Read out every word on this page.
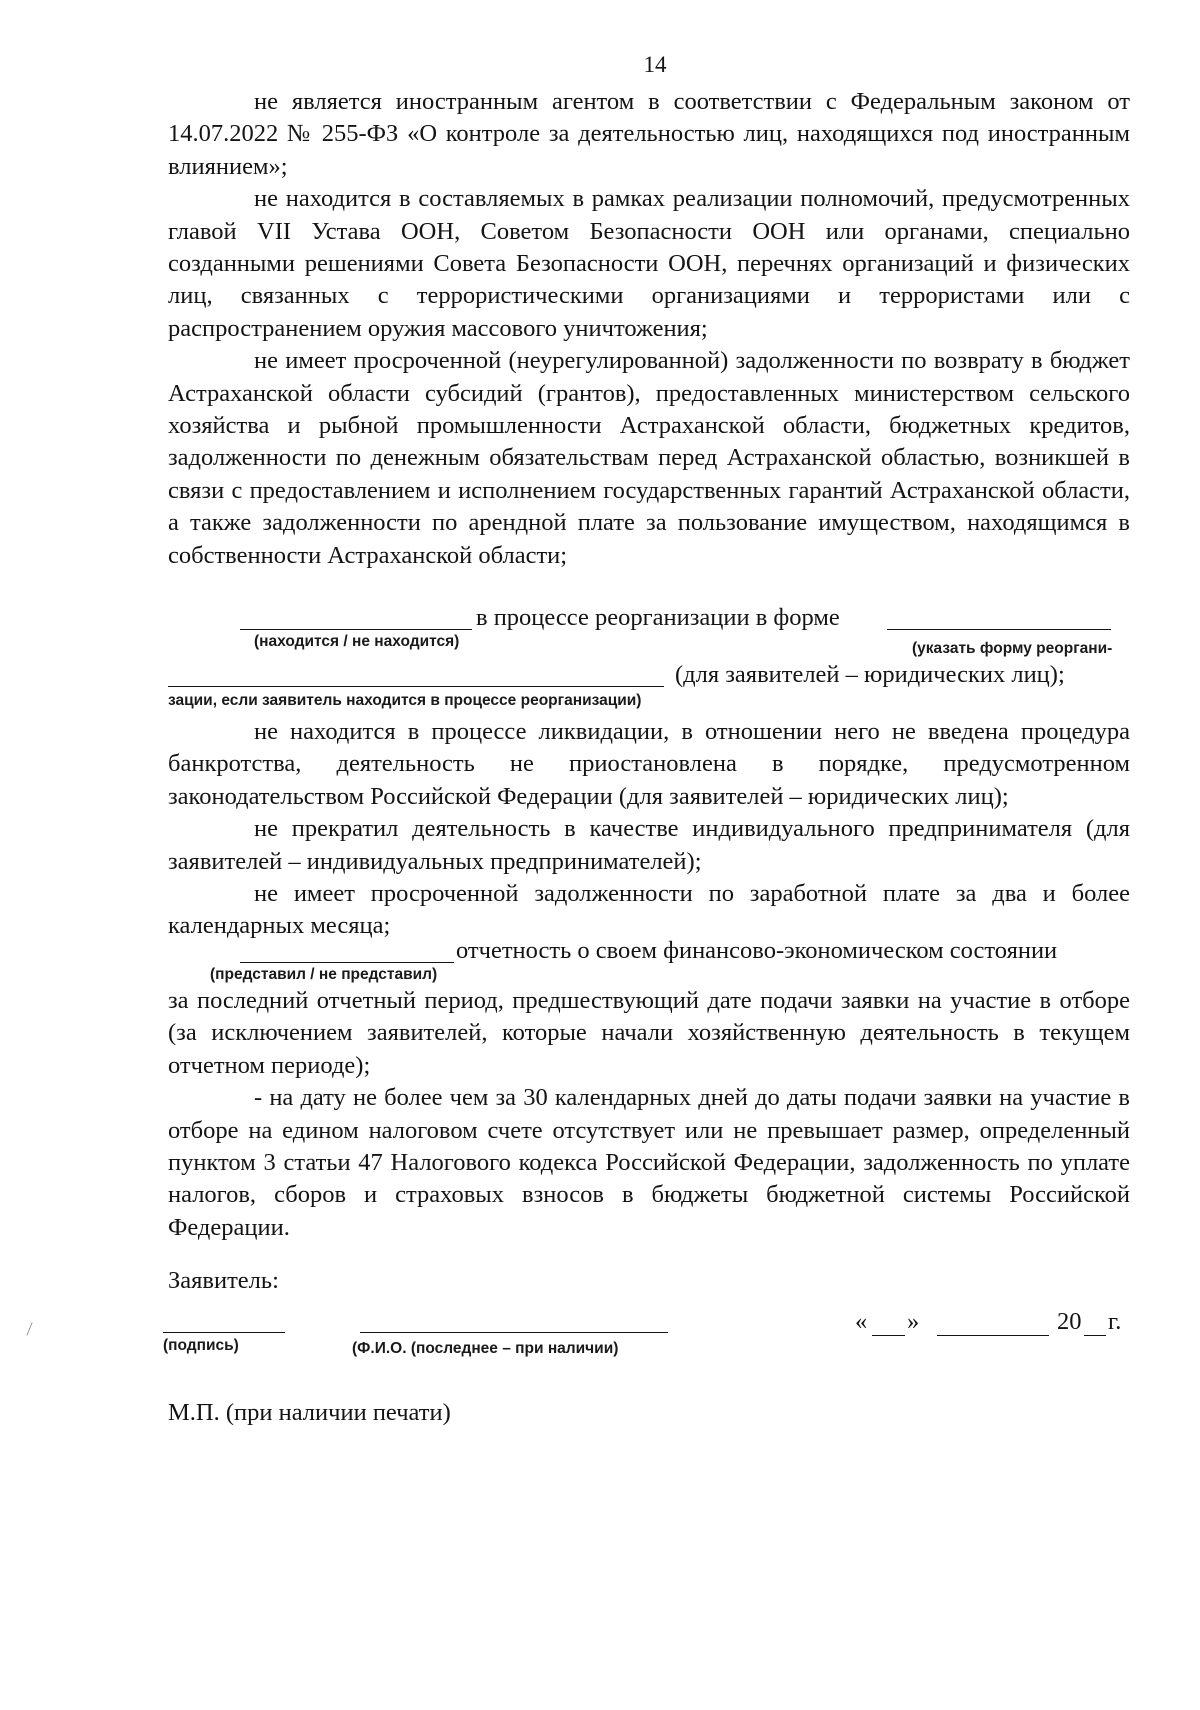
14

не является иностранным агентом в соответствии с Федеральным законом от 14.07.2022 № 255-ФЗ «О контроле за деятельностью лиц, находящихся под иностранным влиянием»;

не находится в составляемых в рамках реализации полномочий, предусмотренных главой VII Устава ООН, Советом Безопасности ООН или органами, специально созданными решениями Совета Безопасности ООН, перечнях организаций и физических лиц, связанных с террористическими организациями и террористами или с распространением оружия массового уничтожения;

не имеет просроченной (неурегулированной) задолженности по возврату в бюджет Астраханской области субсидий (грантов), предоставленных министерством сельского хозяйства и рыбной промышленности Астраханской области, бюджетных кредитов, задолженности по денежным обязательствам перед Астраханской областью, возникшей в связи с предоставлением и исполнением государственных гарантий Астраханской области, а также задолженности по арендной плате за пользование имуществом, находящимся в собственности Астраханской области;

в процессе реорганизации в форме
(находится / не находится)	(указать форму реоргани-
(для заявителей – юридических лиц);
зации, если заявитель находится в процессе реорганизации)

не находится в процессе ликвидации, в отношении него не введена процедура банкротства, деятельность не приостановлена в порядке, предусмотренном законодательством Российской Федерации (для заявителей – юридических лиц);

не прекратил деятельность в качестве индивидуального предпринимателя (для заявителей – индивидуальных предпринимателей);

не имеет просроченной задолженности по заработной плате за два и более календарных месяца;

отчетность о своем финансово-экономическом состоянии
(представил / не представил)

за последний отчетный период, предшествующий дате подачи заявки на участие в отборе (за исключением заявителей, которые начали хозяйственную деятельность в текущем отчетном периоде);

- на дату не более чем за 30 календарных дней до даты подачи заявки на участие в отборе на едином налоговом счете отсутствует или не превышает размер, определенный пунктом 3 статьи 47 Налогового кодекса Российской Федерации, задолженность по уплате налогов, сборов и страховых взносов в бюджеты бюджетной системы Российской Федерации.

Заявитель:
(подпись)	(Ф.И.О. (последнее – при наличии)
« »	20 г.
М.П. (при наличии печати)
